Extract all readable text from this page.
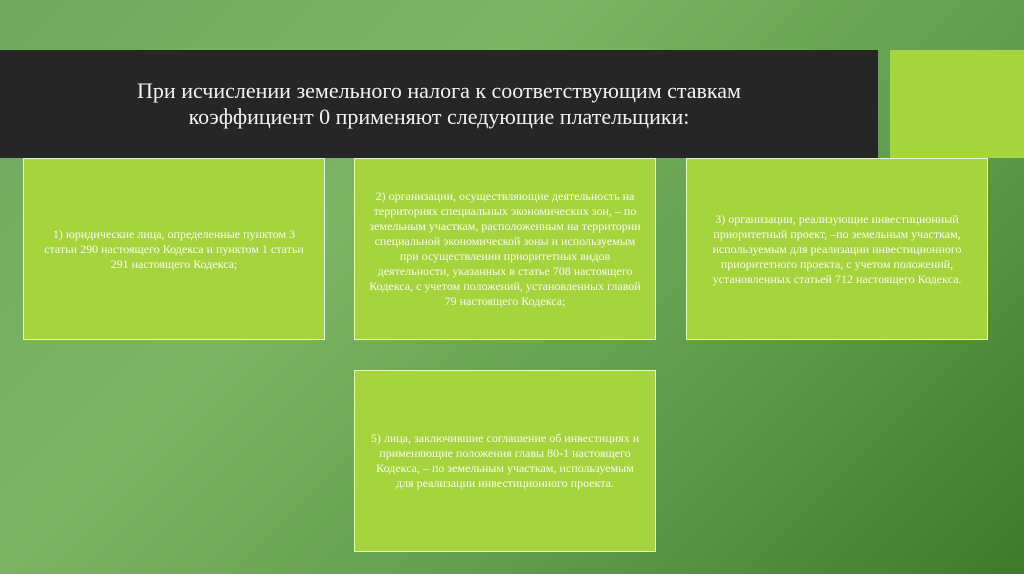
При исчислении земельного налога к соответствующим ставкам
коэффициент 0 применяют следующие плательщики:
1) юридические лица, определенные пунктом 3 статьи 290 настоящего Кодекса и пунктом 1 статьи 291 настоящего Кодекса;
2) организации, осуществляющие деятельность на территориях специальных экономических зон, – по земельным участкам, расположенным на территории специальной экономической зоны и используемым при осуществлении приоритетных видов деятельности, указанных в статье 708 настоящего Кодекса, с учетом положений, установленных главой 79 настоящего Кодекса;
3) организации, реализующие инвестиционный приоритетный проект, –по земельным участкам, используемым для реализации инвестиционного приоритетного проекта, с учетом положений, установленных статьей 712 настоящего Кодекса.
5) лица, заключившие соглашение об инвестициях и применяющие положения главы 80-1 настоящего Кодекса, – по земельным участкам, используемым для реализации инвестиционного проекта.
